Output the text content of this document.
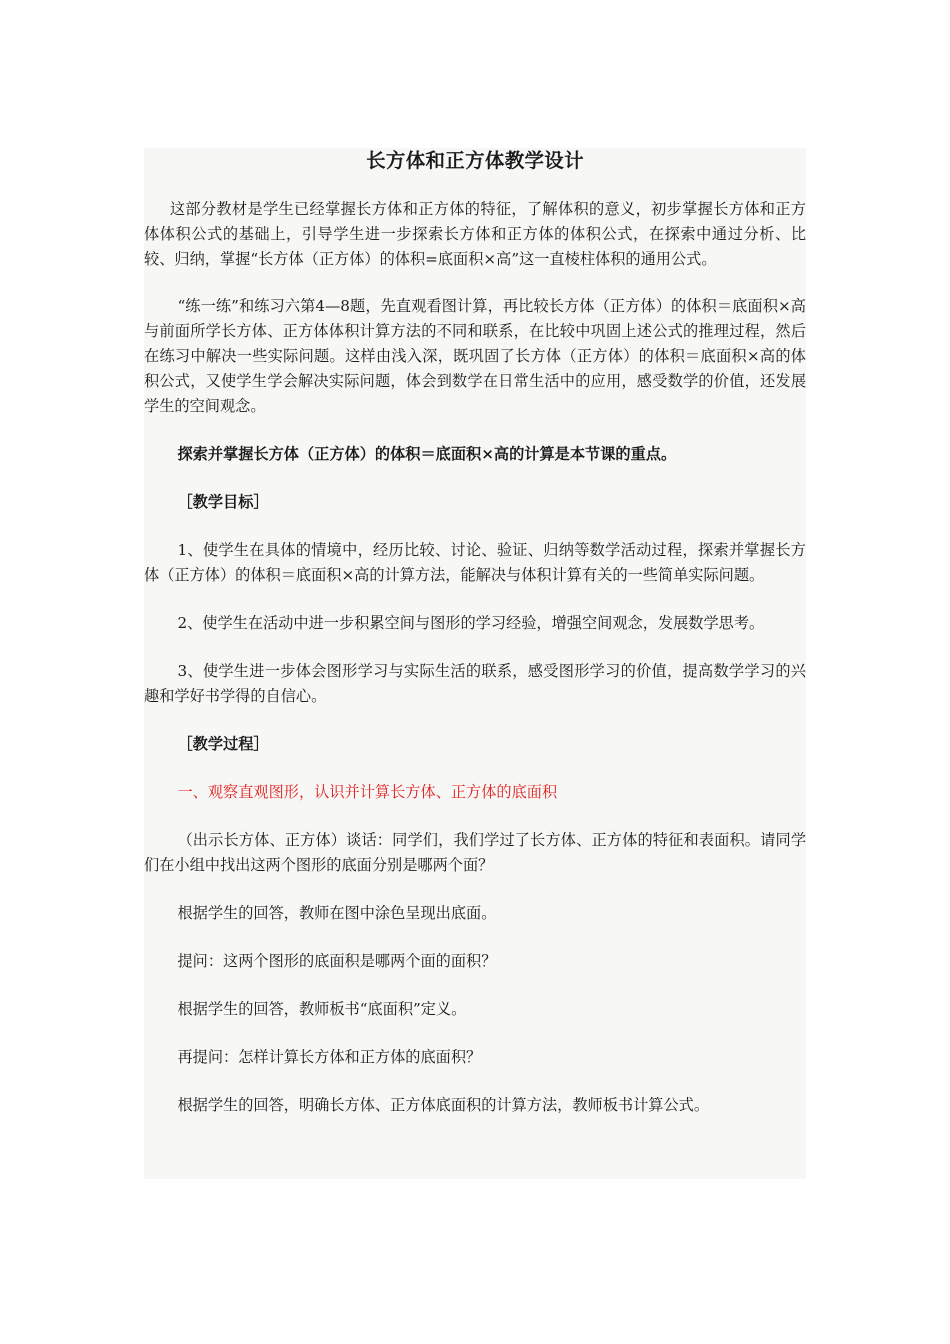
长方体和正方体教学设计

这部分教材是学生已经掌握长方体和正方体的特征，了解体积的意义，初步掌握长方体和正方体体积公式的基础上，引导学生进一步探索长方体和正方体的体积公式，在探索中通过分析、比较、归纳，掌握“长方体（正方体）的体积=底面积×高”这一直棱柱体积的通用公式。

“练一练”和练习六第4—8题，先直观看图计算，再比较长方体（正方体）的体积＝底面积×高与前面所学长方体、正方体体积计算方法的不同和联系，在比较中巩固上述公式的推理过程，然后在练习中解决一些实际问题。这样由浅入深，既巩固了长方体（正方体）的体积＝底面积×高的体积公式，又使学生学会解决实际问题，体会到数学在日常生活中的应用，感受数学的价值，还发展学生的空间观念。

探索并掌握长方体（正方体）的体积＝底面积×高的计算是本节课的重点。

［教学目标］

1、使学生在具体的情境中，经历比较、讨论、验证、归纳等数学活动过程，探索并掌握长方体（正方体）的体积＝底面积×高的计算方法，能解决与体积计算有关的一些简单实际问题。

2、使学生在活动中进一步积累空间与图形的学习经验，增强空间观念，发展数学思考。

3、使学生进一步体会图形学习与实际生活的联系，感受图形学习的价值，提高数学学习的兴趣和学好书学得的自信心。

［教学过程］

一、观察直观图形，认识并计算长方体、正方体的底面积

（出示长方体、正方体）谈话：同学们，我们学过了长方体、正方体的特征和表面积。请同学们在小组中找出这两个图形的底面分别是哪两个面？

根据学生的回答，教师在图中涂色呈现出底面。

提问：这两个图形的底面积是哪两个面的面积？

根据学生的回答，教师板书“底面积”定义。

再提问：怎样计算长方体和正方体的底面积？

根据学生的回答，明确长方体、正方体底面积的计算方法，教师板书计算公式。
